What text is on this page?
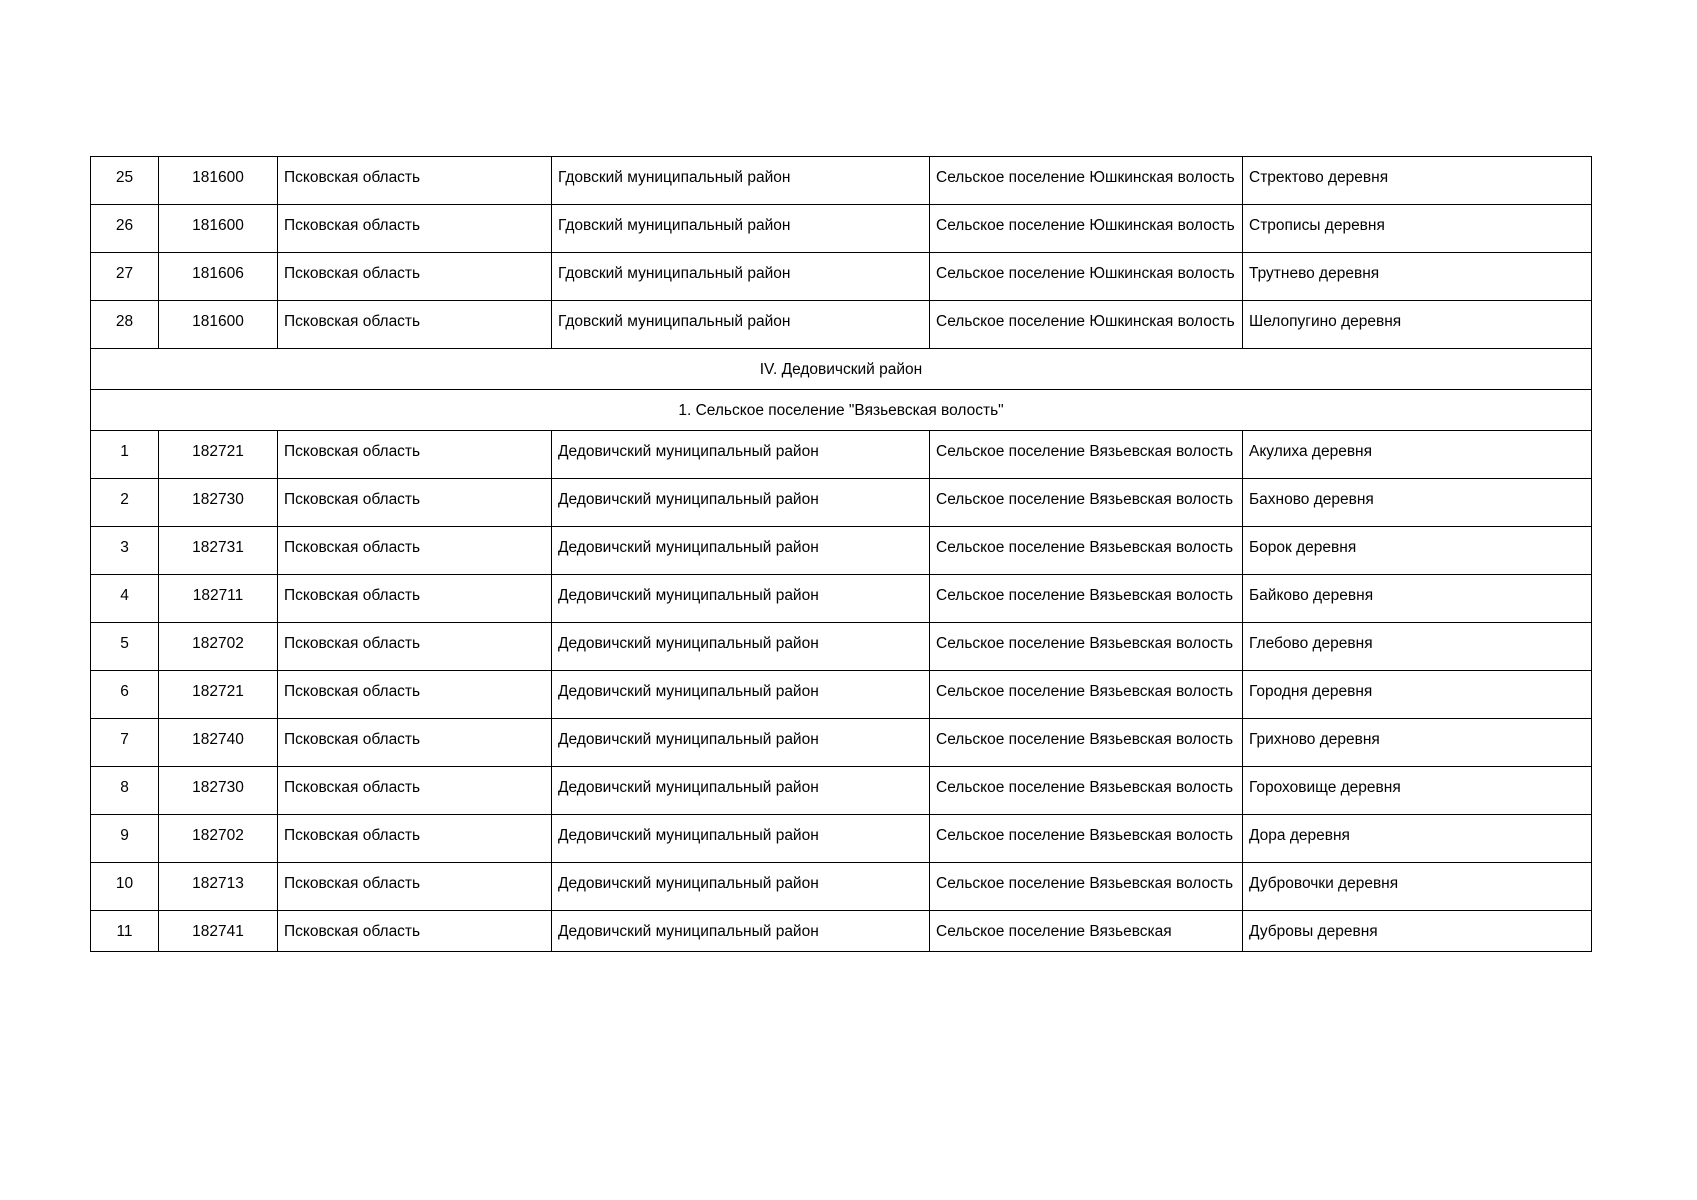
25	181600	Псковская область	Гдовский муниципальный район	Сельское поселение Юшкинская волость	Стректово деревня
26	181600	Псковская область	Гдовский муниципальный район	Сельское поселение Юшкинская волость	Строписы деревня
27	181606	Псковская область	Гдовский муниципальный район	Сельское поселение Юшкинская волость	Трутнево деревня
28	181600	Псковская область	Гдовский муниципальный район	Сельское поселение Юшкинская волость	Шелопугино деревня
IV. Дедовичский район					
1. Сельское поселение "Вязьевская волость"					
1	182721	Псковская область	Дедовичский муниципальный район	Сельское поселение Вязьевская волость	Акулиха деревня
2	182730	Псковская область	Дедовичский муниципальный район	Сельское поселение Вязьевская волость	Бахново деревня
3	182731	Псковская область	Дедовичский муниципальный район	Сельское поселение Вязьевская волость	Борок деревня
4	182711	Псковская область	Дедовичский муниципальный район	Сельское поселение Вязьевская волость	Байково деревня
5	182702	Псковская область	Дедовичский муниципальный район	Сельское поселение Вязьевская волость	Глебово деревня
6	182721	Псковская область	Дедовичский муниципальный район	Сельское поселение Вязьевская волость	Городня деревня
7	182740	Псковская область	Дедовичский муниципальный район	Сельское поселение Вязьевская волость	Грихново деревня
8	182730	Псковская область	Дедовичский муниципальный район	Сельское поселение Вязьевская волость	Гороховище деревня
9	182702	Псковская область	Дедовичский муниципальный район	Сельское поселение Вязьевская волость	Дора деревня
10	182713	Псковская область	Дедовичский муниципальный район	Сельское поселение Вязьевская волость	Дубровочки деревня
11	182741	Псковская область	Дедовичский муниципальный район	Сельское поселение Вязьевская	Дубровы деревня
